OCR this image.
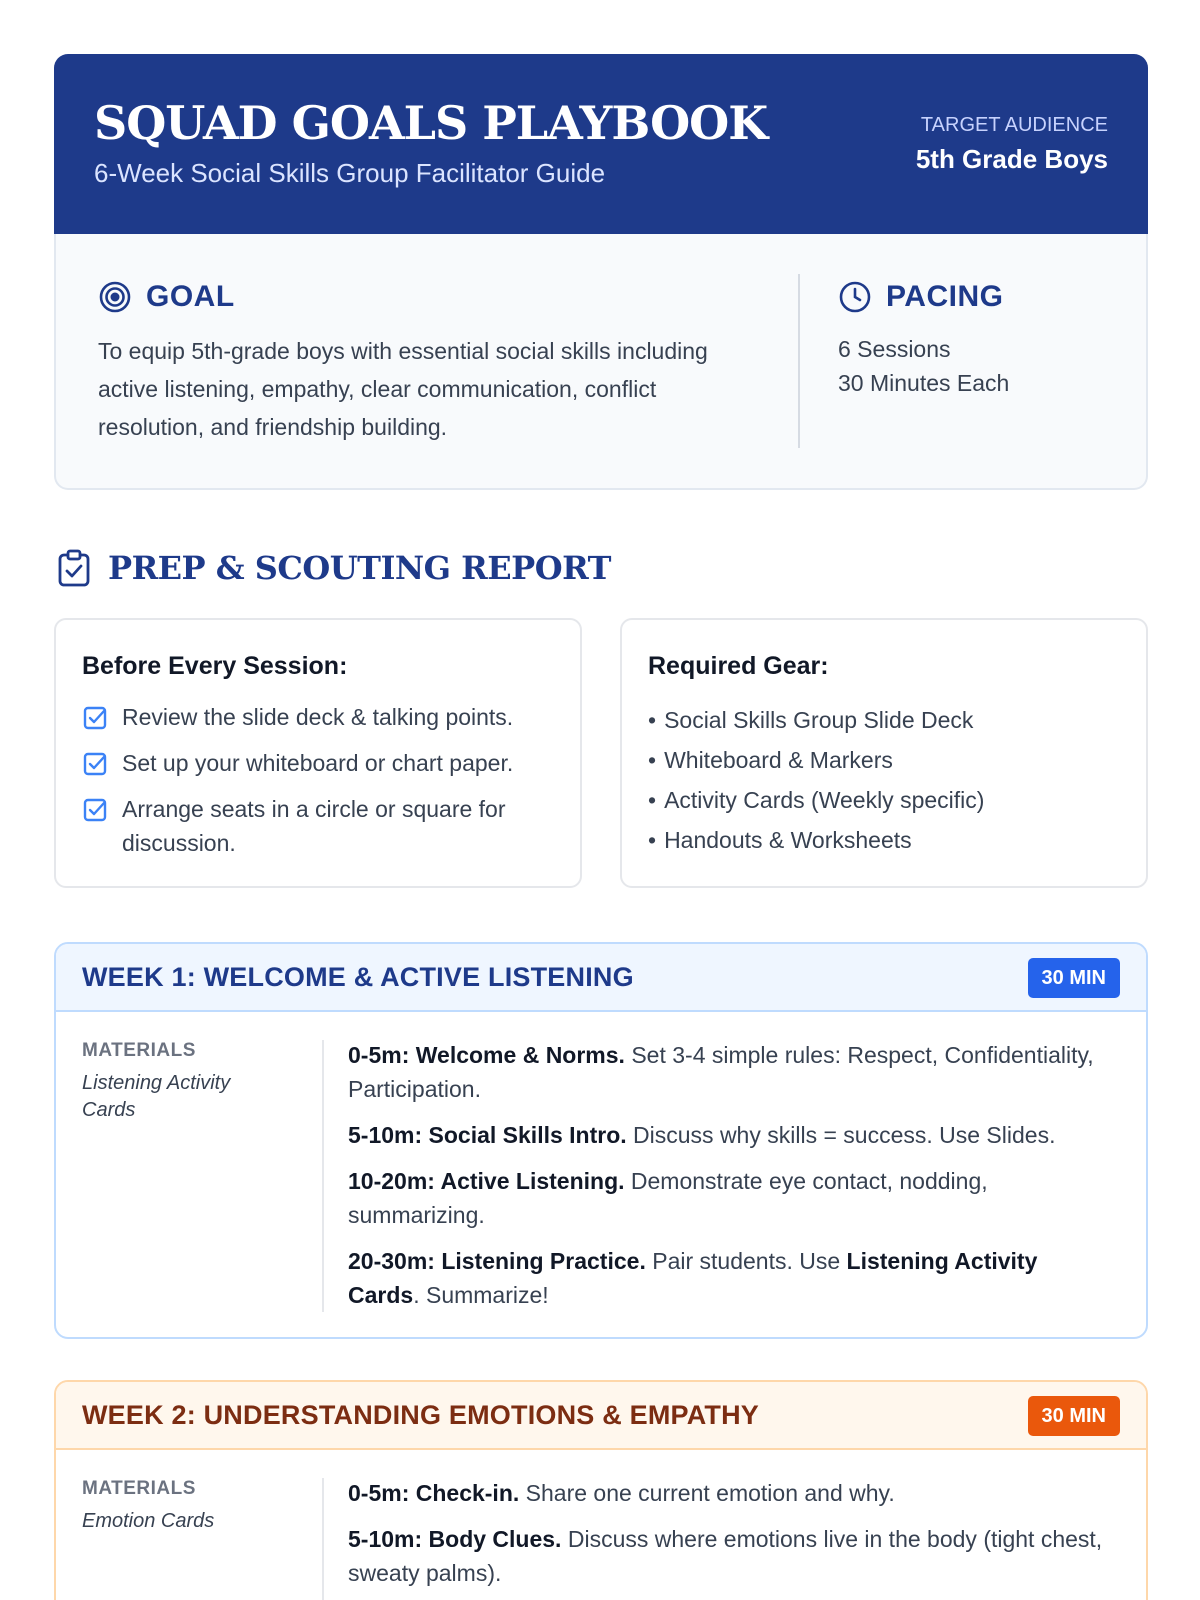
SQUAD GOALS PLAYBOOK
6-Week Social Skills Group Facilitator Guide
TARGET AUDIENCE
5th Grade Boys
GOAL

To equip 5th-grade boys with essential social skills including active listening, empathy, clear communication, conflict resolution, and friendship building.

PACING
6 Sessions
30 Minutes Each
PREP & SCOUTING REPORT
Before Every Session:
Review the slide deck & talking points.
Set up your whiteboard or chart paper.
Arrange seats in a circle or square for discussion.
Required Gear:
• Social Skills Group Slide Deck
• Whiteboard & Markers
• Activity Cards (Weekly specific)
• Handouts & Worksheets
WEEK 1: WELCOME & ACTIVE LISTENING	30 MIN
MATERIALS
Listening Activity Cards
0-5m: Welcome & Norms. Set 3-4 simple rules: Respect, Confidentiality, Participation.
5-10m: Social Skills Intro. Discuss why skills = success. Use Slides.
10-20m: Active Listening. Demonstrate eye contact, nodding, summarizing.
20-30m: Listening Practice. Pair students. Use Listening Activity Cards. Summarize!
WEEK 2: UNDERSTANDING EMOTIONS & EMPATHY	30 MIN
MATERIALS
Emotion Cards
0-5m: Check-in. Share one current emotion and why.
5-10m: Body Clues. Discuss where emotions live in the body (tight chest, sweaty palms).
